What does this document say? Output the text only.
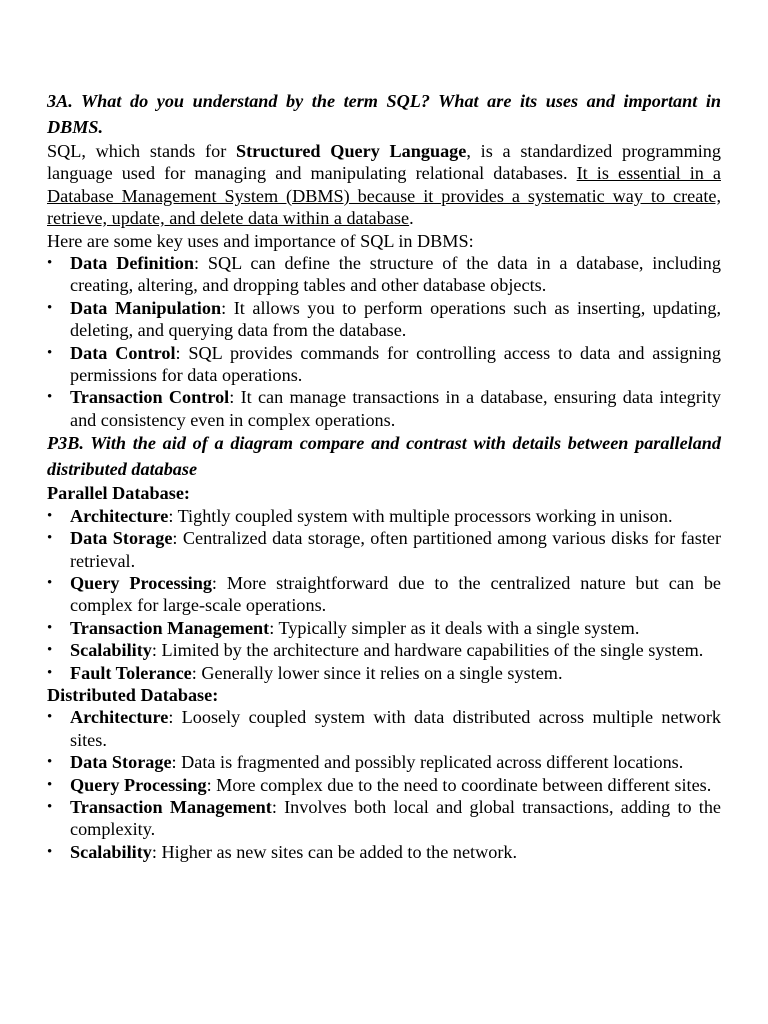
3A. What do you understand by the term SQL? What are its uses and important in DBMS.

SQL, which stands for Structured Query Language, is a standardized programming language used for managing and manipulating relational databases. It is essential in a Database Management System (DBMS) because it provides a systematic way to create, retrieve, update, and delete data within a database.

Here are some key uses and importance of SQL in DBMS:

• Data Definition: SQL can define the structure of the data in a database, including creating, altering, and dropping tables and other database objects.
• Data Manipulation: It allows you to perform operations such as inserting, updating, deleting, and querying data from the database.
• Data Control: SQL provides commands for controlling access to data and assigning permissions for data operations.
• Transaction Control: It can manage transactions in a database, ensuring data integrity and consistency even in complex operations.

P3B. With the aid of a diagram compare and contrast with details between paralleland distributed database

Parallel Database:

• Architecture: Tightly coupled system with multiple processors working in unison.
• Data Storage: Centralized data storage, often partitioned among various disks for faster retrieval.
• Query Processing: More straightforward due to the centralized nature but can be complex for large-scale operations.
• Transaction Management: Typically simpler as it deals with a single system.
• Scalability: Limited by the architecture and hardware capabilities of the single system.
• Fault Tolerance: Generally lower since it relies on a single system.

Distributed Database:

• Architecture: Loosely coupled system with data distributed across multiple network sites.
• Data Storage: Data is fragmented and possibly replicated across different locations.
• Query Processing: More complex due to the need to coordinate between different sites.
• Transaction Management: Involves both local and global transactions, adding to the complexity.
• Scalability: Higher as new sites can be added to the network.
